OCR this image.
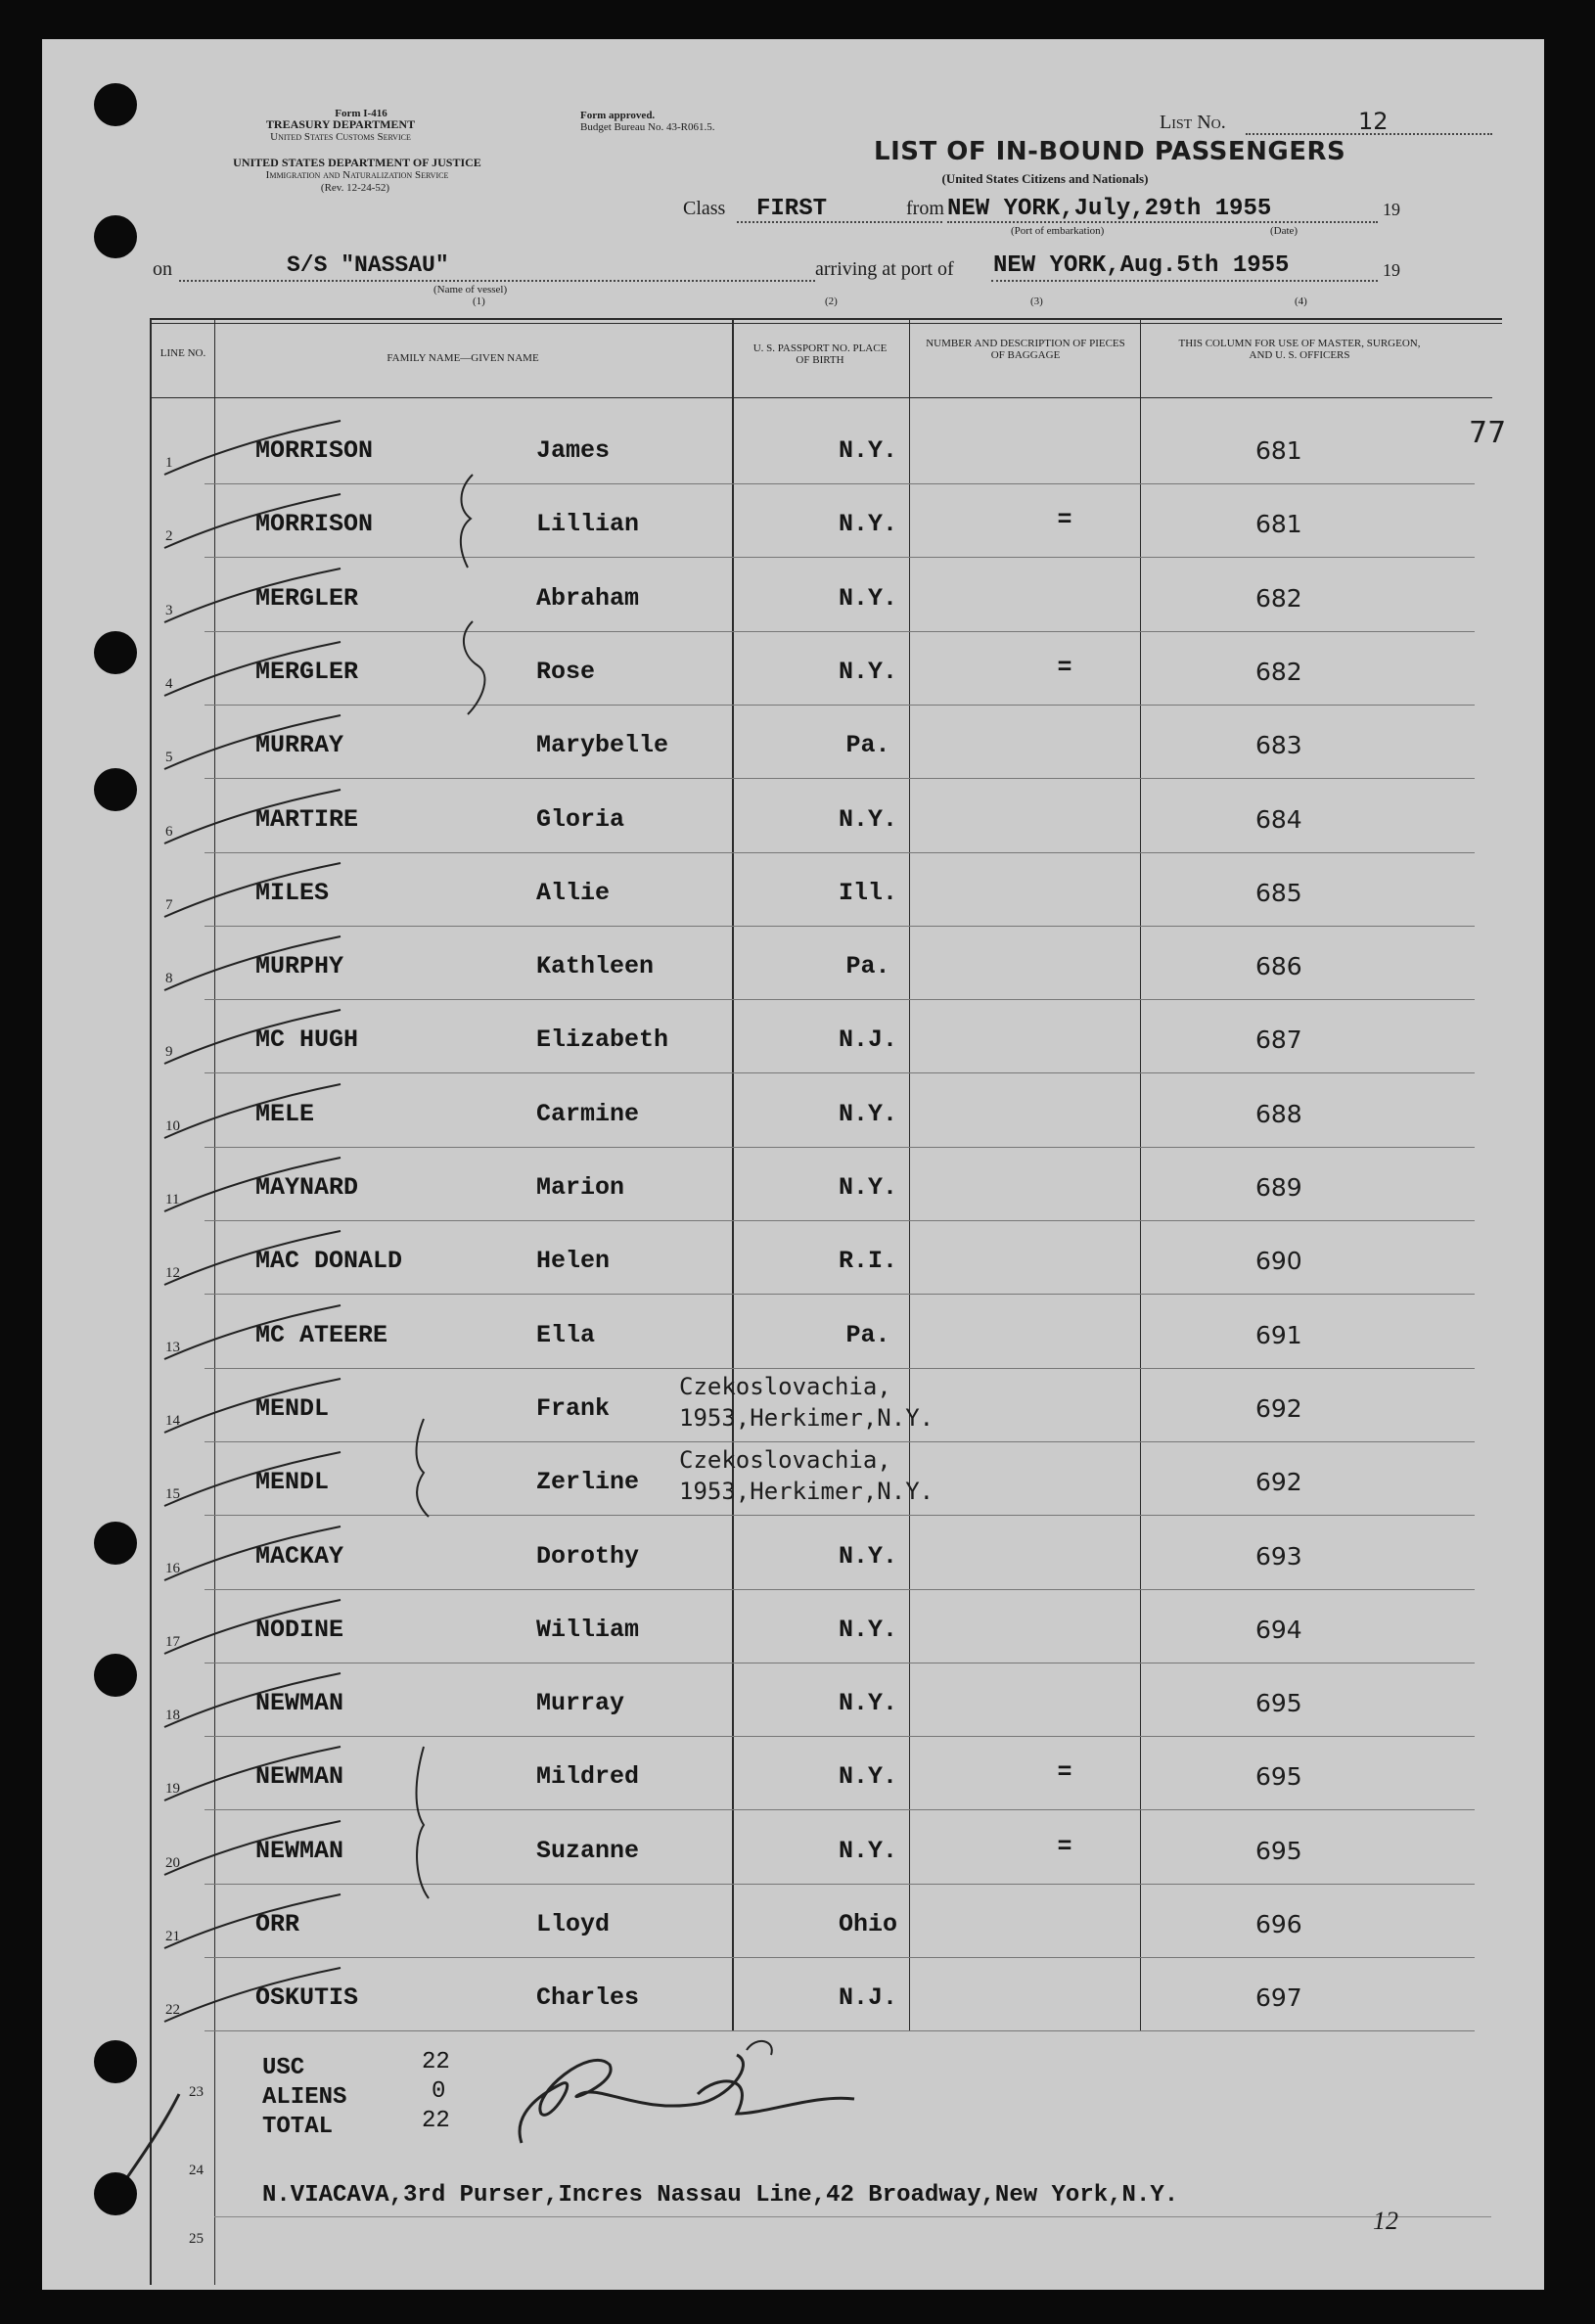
Form I-416
TREASURY DEPARTMENT
United States Customs Service
UNITED STATES DEPARTMENT OF JUSTICE
Immigration and Naturalization Service
(Rev. 12-24-52)
Form approved.
Budget Bureau No. 43-R061.5.	List No.	12
LIST OF IN-BOUND PASSENGERS
(United States Citizens and Nationals)
Class FIRST	from NEW YORK,July,29th 1955
(Port of embarkation)	(Date)
19
on	S/S "NASSAU"
(Name of vessel)
(1)
arriving at port of NEW YORK,Aug.5th 1955	19
(2)	(3)	(4)
77
LINE NO.	FAMILY NAME—GIVEN NAME
U. S. PASSPORT NO. PLACE OF BIRTH
NUMBER AND DESCRIPTION OF PIECES OF BAGGAGE
THIS COLUMN FOR USE OF MASTER, SURGEON, AND U. S. OFFICERS
1	MORRISON	James	N.Y.	681
2	MORRISON	Lillian	N.Y.	=	681
3	MERGLER	Abraham	N.Y.	682
4	MERGLER	Rose	N.Y.	=	682
5	MURRAY	Marybelle	Pa.	683
6	MARTIRE	Gloria	N.Y.	684
7	MILES	Allie	Ill.	685
8	MURPHY	Kathleen	Pa.	686
9	MC HUGH	Elizabeth	N.J.	687
10	MELE	Carmine	N.Y.	688
11	MAYNARD	Marion	N.Y.	689
12	MAC DONALD	Helen	R.I.	690
13	MC ATEERE	Ella	Pa.	691
14	MENDL	Frank
Czekoslovachia,
1953,Herkimer,N.Y.	692
15	MENDL	Zerline
Czekoslovachia,
1953,Herkimer,N.Y.	692
16	MACKAY	Dorothy	N.Y.	693
17	NODINE	William	N.Y.	694
18	NEWMAN	Murray	N.Y.	695
19	NEWMAN	Mildred	N.Y.	=	695
20	NEWMAN	Suzanne	N.Y.	=	695
21	ORR	Lloyd	Ohio	696
22	OSKUTIS	Charles	N.J.	697
23
24
25
USC	22
ALIENS	0
TOTAL	22
N.VIACAVA,3rd Purser,Incres Nassau Line,42 Broadway,New York,N.Y.
12
